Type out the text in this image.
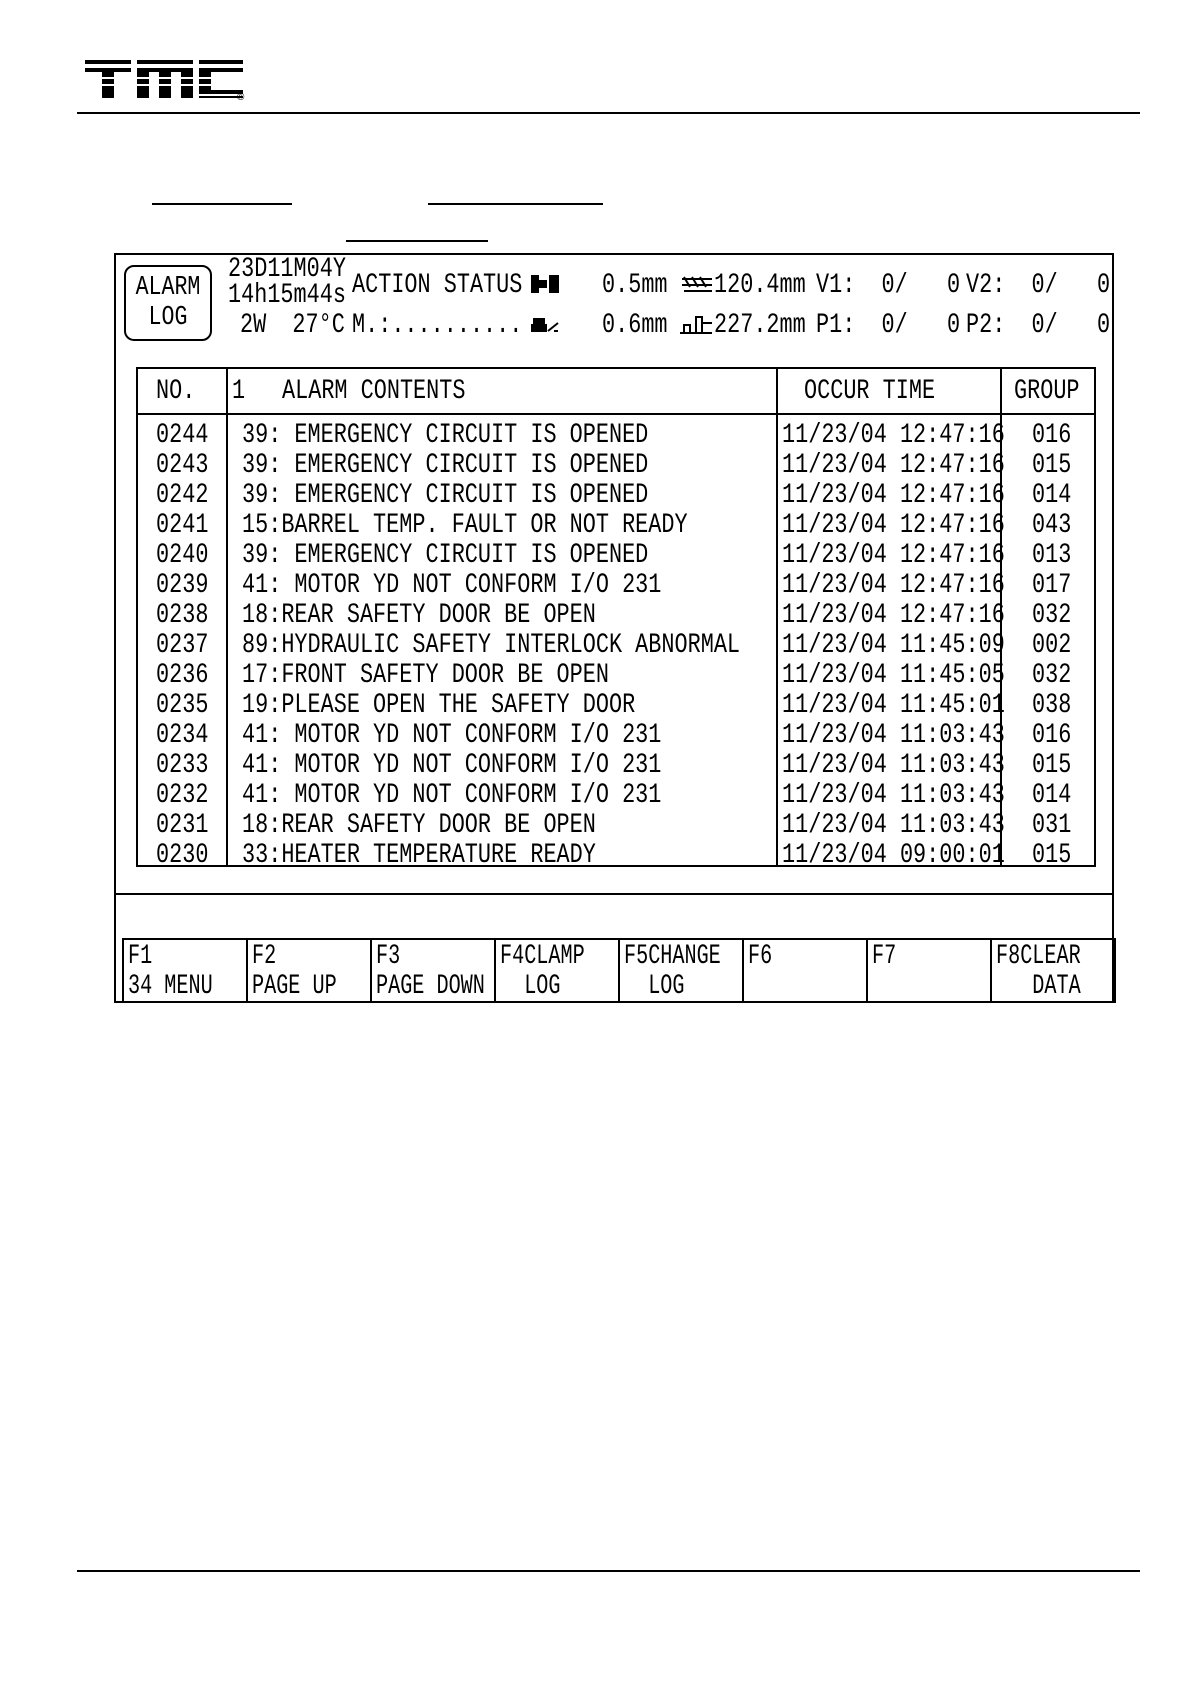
®
ALARM
LOG
23D11M04Y
14h15m44s
2W  27°C
ACTION STATUS
M.:..........
0.5mm 120.4mm V1:  0/   0 V2:  0/   0
0.6mm 227.2mm P1:  0/   0 P2:  0/   0
NO. 1 ALARM CONTENTS	OCCUR TIME	GROUP
0244 39: EMERGENCY CIRCUIT IS OPENED	11/23/04 12:47:16 016
0243 39: EMERGENCY CIRCUIT IS OPENED	11/23/04 12:47:16 015
0242 39: EMERGENCY CIRCUIT IS OPENED	11/23/04 12:47:16 014
0241 15:BARREL TEMP. FAULT OR NOT READY	11/23/04 12:47:16 043
0240 39: EMERGENCY CIRCUIT IS OPENED	11/23/04 12:47:16 013
0239 41: MOTOR YD NOT CONFORM I/O 231	11/23/04 12:47:16 017
0238 18:REAR SAFETY DOOR BE OPEN	11/23/04 12:47:16 032
0237 89:HYDRAULIC SAFETY INTERLOCK ABNORMAL 11/23/04 11:45:09 002
0236 17:FRONT SAFETY DOOR BE OPEN	11/23/04 11:45:05 032
0235 19:PLEASE OPEN THE SAFETY DOOR	11/23/04 11:45:01 038
0234 41: MOTOR YD NOT CONFORM I/O 231	11/23/04 11:03:43 016
0233 41: MOTOR YD NOT CONFORM I/O 231	11/23/04 11:03:43 015
0232 41: MOTOR YD NOT CONFORM I/O 231	11/23/04 11:03:43 014
0231 18:REAR SAFETY DOOR BE OPEN	11/23/04 11:03:43 031
0230 33:HEATER TEMPERATURE READY	11/23/04 09:00:01 015
F1
34 MENU
F2
PAGE UP
F3
PAGE DOWN
F4CLAMP
LOG
F5CHANGE
LOG
F6	F7	F8CLEAR
DATA
